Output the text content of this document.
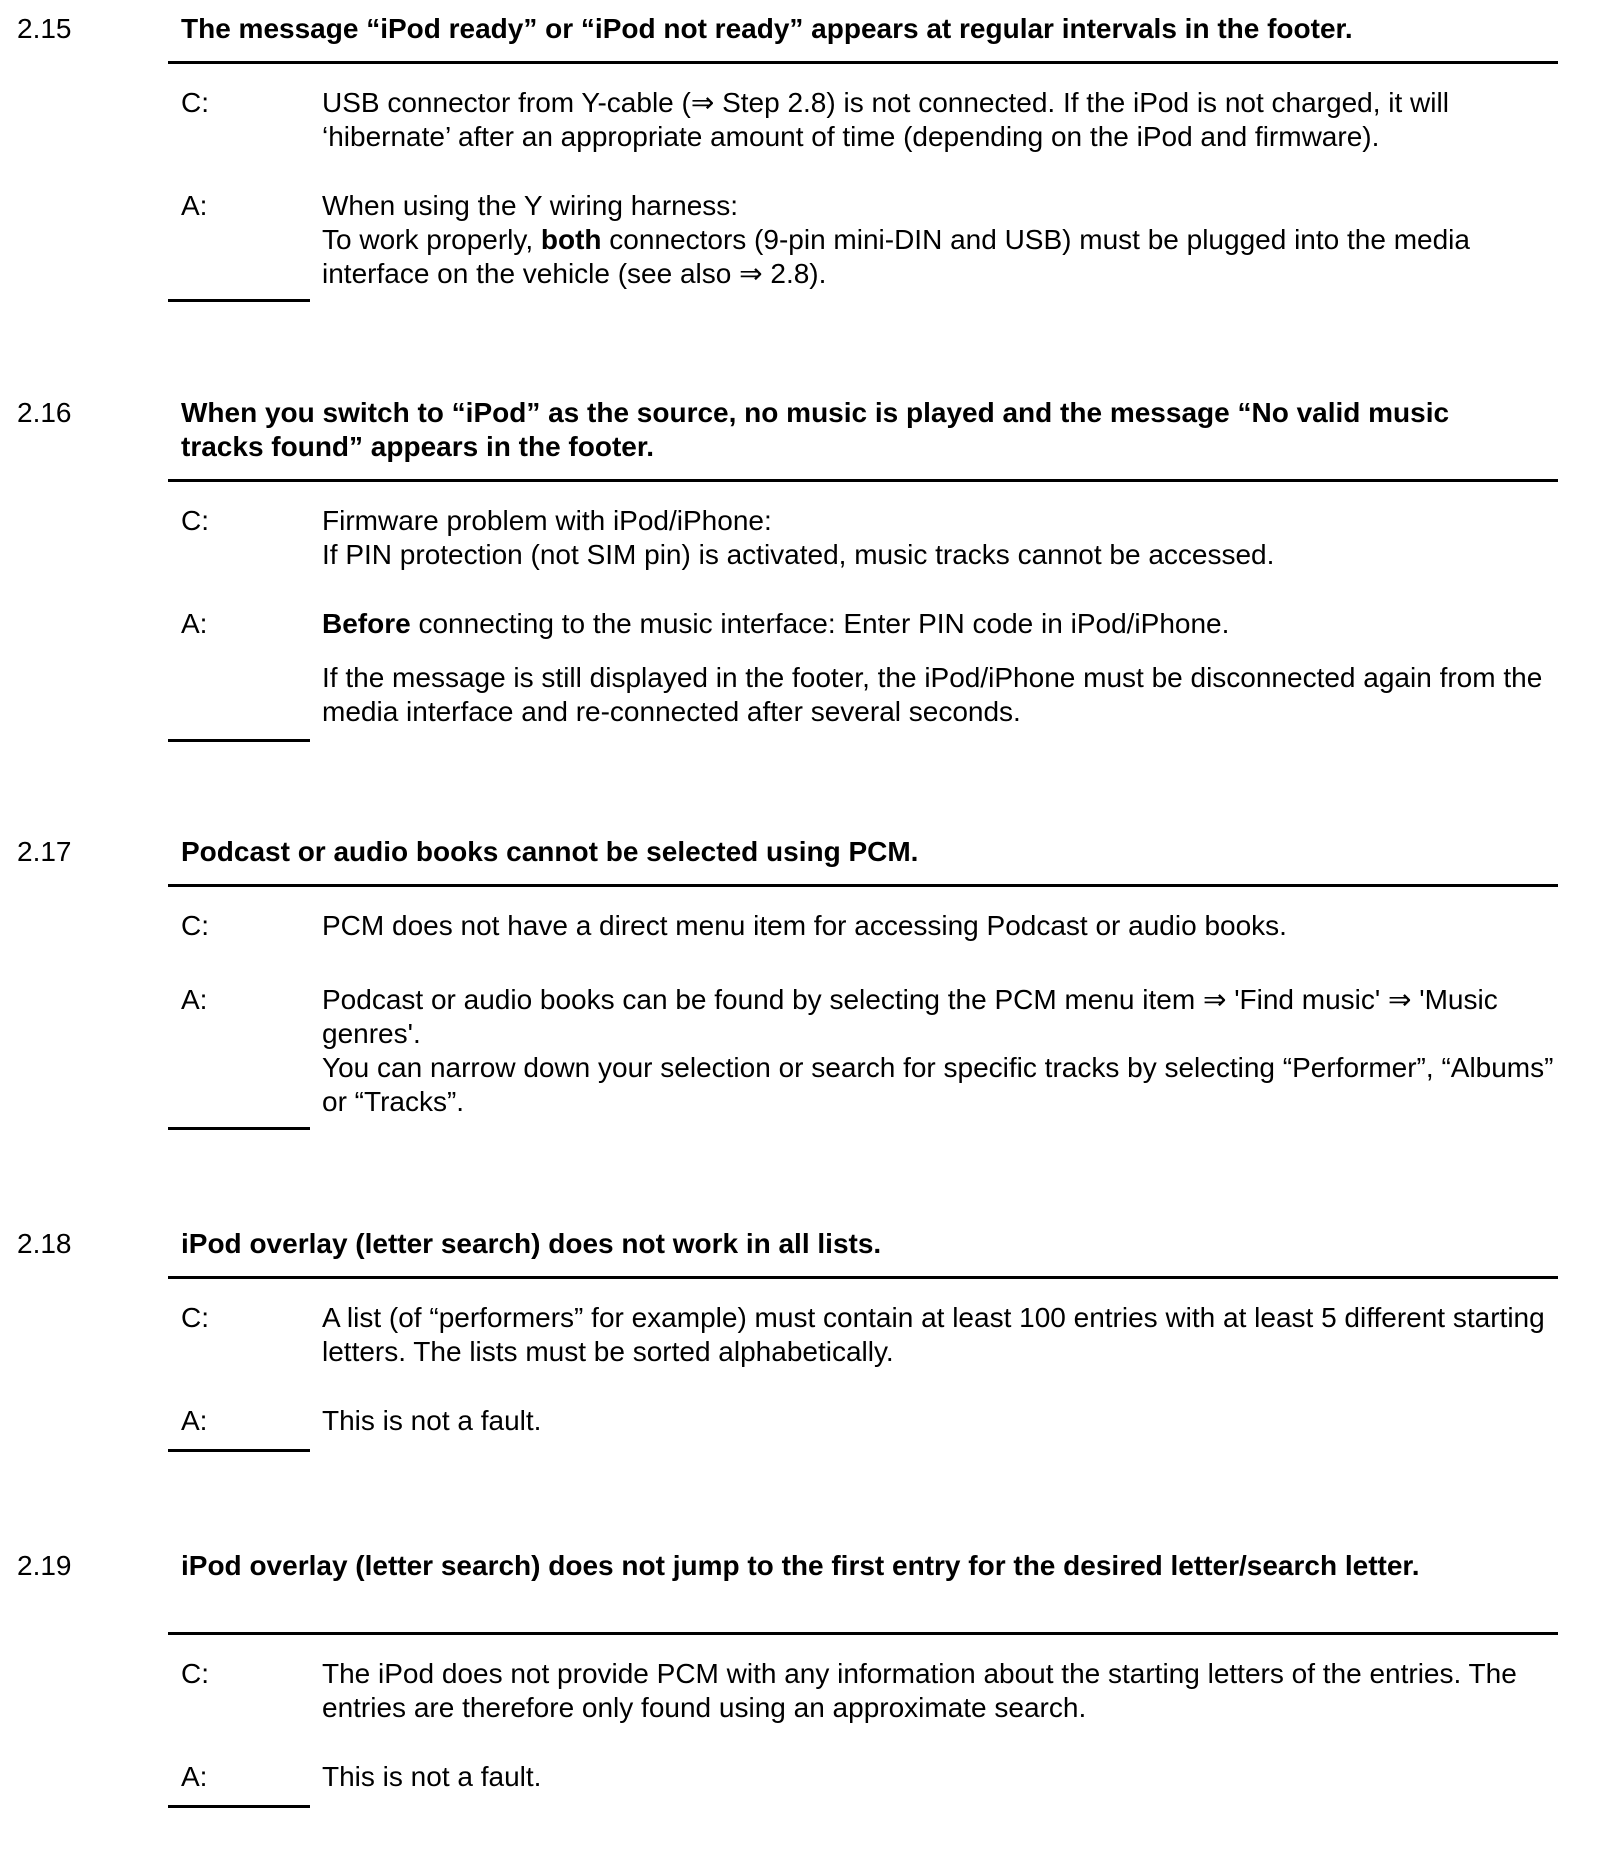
2.15	The message “iPod ready” or “iPod not ready” appears at regular intervals in the footer.
C:	USB connector from Y-cable (⇒ Step 2.8) is not connected. If the iPod is not charged, it will ‘hibernate’ after an appropriate amount of time (depending on the iPod and firmware).
A:	When using the Y wiring harness:
To work properly, both connectors (9-pin mini-DIN and USB) must be plugged into the media interface on the vehicle (see also ⇒ 2.8).
2.16	When you switch to “iPod” as the source, no music is played and the message “No valid music tracks found” appears in the footer.
C:	Firmware problem with iPod/iPhone:
If PIN protection (not SIM pin) is activated, music tracks cannot be accessed.
A:	Before connecting to the music interface: Enter PIN code in iPod/iPhone.
If the message is still displayed in the footer, the iPod/iPhone must be disconnected again from the media interface and re-connected after several seconds.
2.17	Podcast or audio books cannot be selected using PCM.
C:	PCM does not have a direct menu item for accessing Podcast or audio books.
A:	Podcast or audio books can be found by selecting the PCM menu item ⇒ 'Find music' ⇒ 'Music genres'.
You can narrow down your selection or search for specific tracks by selecting “Performer”, “Albums” or “Tracks”.
2.18	iPod overlay (letter search) does not work in all lists.
C:	A list (of “performers” for example) must contain at least 100 entries with at least 5 different starting letters. The lists must be sorted alphabetically.
A:	This is not a fault.
2.19	iPod overlay (letter search) does not jump to the first entry for the desired letter/search letter.
C:	The iPod does not provide PCM with any information about the starting letters of the entries. The entries are therefore only found using an approximate search.
A:	This is not a fault.
